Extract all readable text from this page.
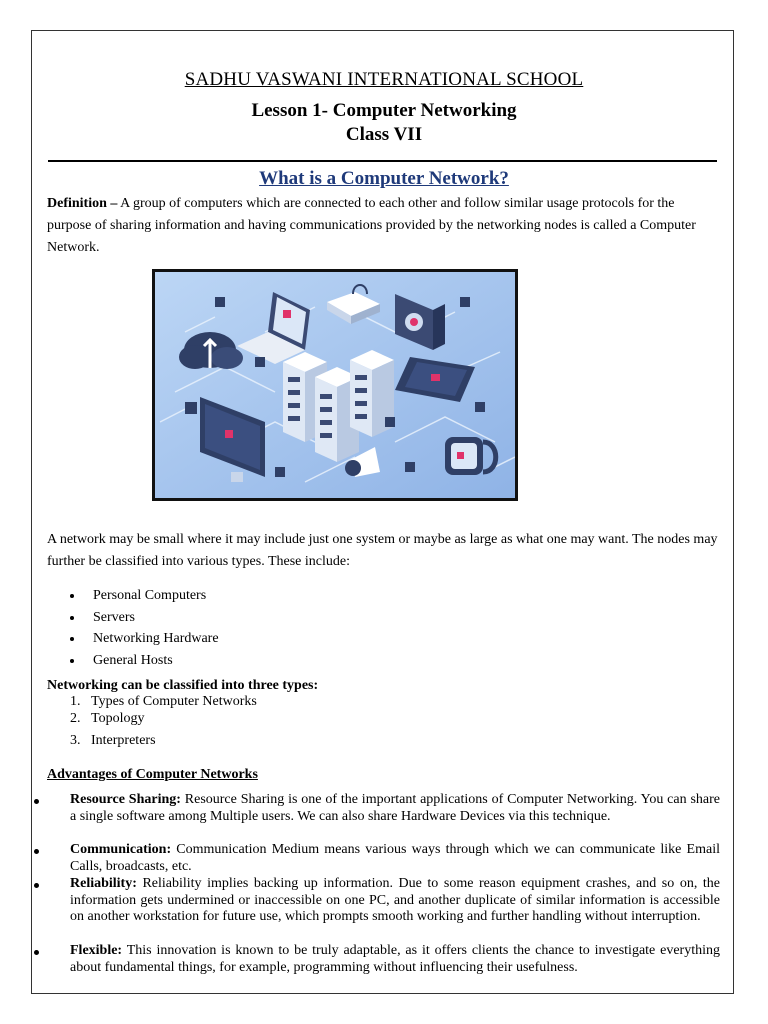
SADHU VASWANI INTERNATIONAL SCHOOL
Lesson 1- Computer Networking
Class VII
What is a Computer Network?
Definition – A group of computers which are connected to each other and follow similar usage protocols for the purpose of sharing information and having communications provided by the networking nodes is called a Computer Network.
A network may be small where it may include just one system or maybe as large as what one may want. The nodes may further be classified into various types. These include:
Personal Computers
Servers
Networking Hardware
General Hosts
Networking can be classified into three types:
1.   Types of Computer Networks
2.   Topology
3.   Interpreters
Advantages of Computer Networks
Resource Sharing: Resource Sharing is one of the important applications of Computer Networking. You can share a single software among Multiple users. We can also share Hardware Devices via this technique.
Communication: Communication Medium means various ways through which we can communicate like Email Calls, broadcasts, etc.
Reliability: Reliability implies backing up information. Due to some reason equipment crashes, and so on, the information gets undermined or inaccessible on one PC, and another duplicate of similar information is accessible on another workstation for future use, which prompts smooth working and further handling without interruption.
Flexible: This innovation is known to be truly adaptable, as it offers clients the chance to investigate everything about fundamental things, for example, programming without influencing their usefulness.
